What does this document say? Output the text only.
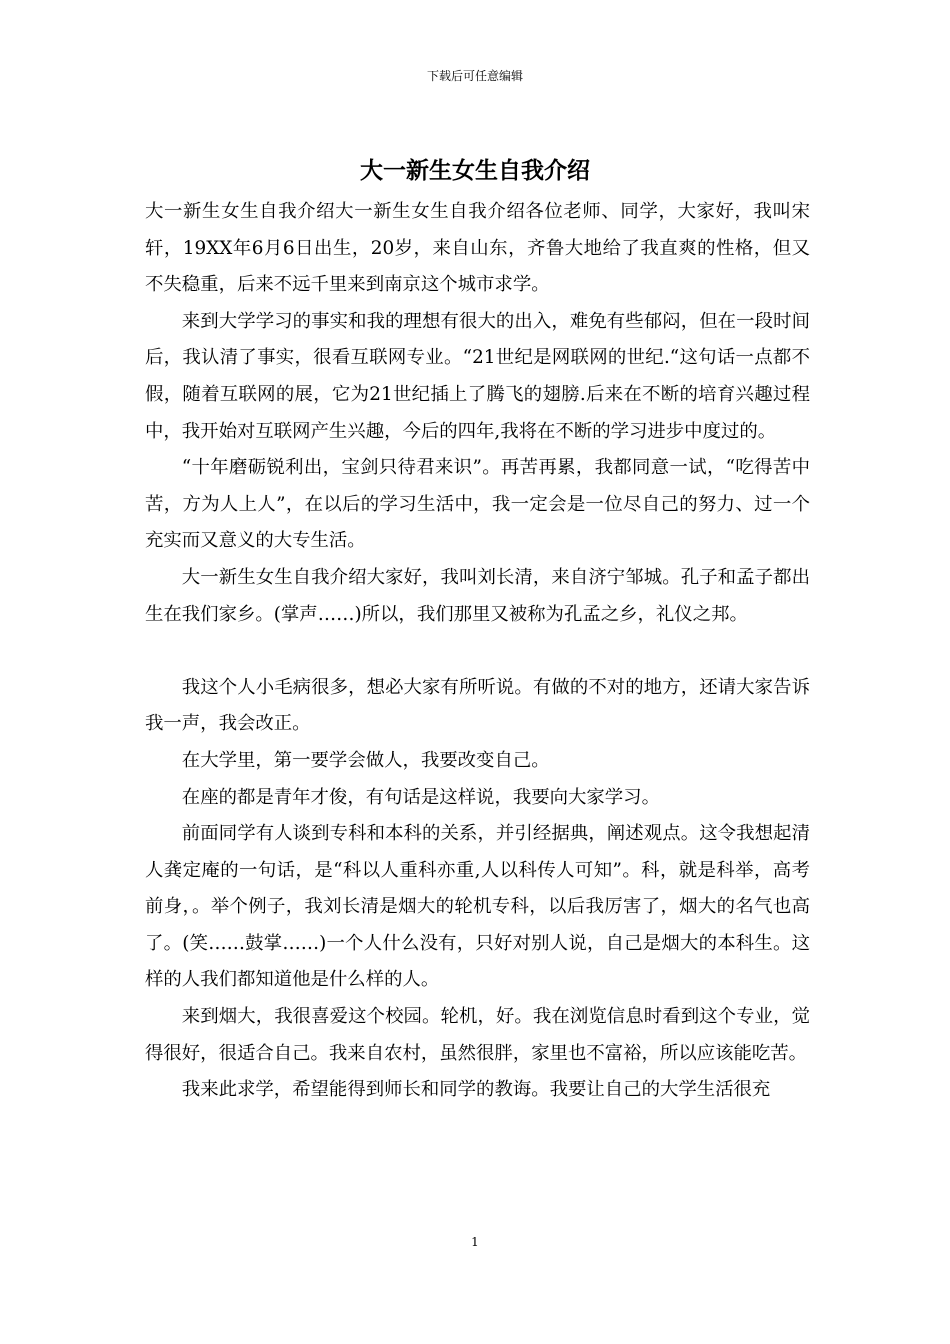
下载后可任意编辑
大一新生女生自我介绍

大一新生女生自我介绍大一新生女生自我介绍各位老师、同学，大家好，我叫宋轩，19XX年6月6日出生，20岁，来自山东，齐鲁大地给了我直爽的性格，但又不失稳重，后来不远千里来到南京这个城市求学。

来到大学学习的事实和我的理想有很大的出入，难免有些郁闷，但在一段时间后，我认清了事实，很看互联网专业。“21世纪是网联网的世纪.“这句话一点都不假，随着互联网的展，它为21世纪插上了腾飞的翅膀.后来在不断的培育兴趣过程中，我开始对互联网产生兴趣，今后的四年,我将在不断的学习进步中度过的。

“十年磨砺锐利出，宝剑只待君来识”。再苦再累，我都同意一试，“吃得苦中苦，方为人上人”，在以后的学习生活中，我一定会是一位尽自己的努力、过一个充实而又意义的大专生活。

大一新生女生自我介绍大家好，我叫刘长清，来自济宁邹城。孔子和孟子都出生在我们家乡。(掌声……)所以，我们那里又被称为孔孟之乡，礼仪之邦。

我这个人小毛病很多，想必大家有所听说。有做的不对的地方，还请大家告诉我一声，我会改正。

在大学里，第一要学会做人，我要改变自己。

在座的都是青年才俊，有句话是这样说，我要向大家学习。

前面同学有人谈到专科和本科的关系，并引经据典，阐述观点。这令我想起清人龚定庵的一句话，是“科以人重科亦重,人以科传人可知”。科，就是科举，高考前身，。举个例子，我刘长清是烟大的轮机专科，以后我厉害了，烟大的名气也高了。(笑……鼓掌……)一个人什么没有，只好对别人说，自己是烟大的本科生。这样的人我们都知道他是什么样的人。

来到烟大，我很喜爱这个校园。轮机，好。我在浏览信息时看到这个专业，觉得很好，很适合自己。我来自农村，虽然很胖，家里也不富裕，所以应该能吃苦。

我来此求学，希望能得到师长和同学的教诲。我要让自己的大学生活很充

1
